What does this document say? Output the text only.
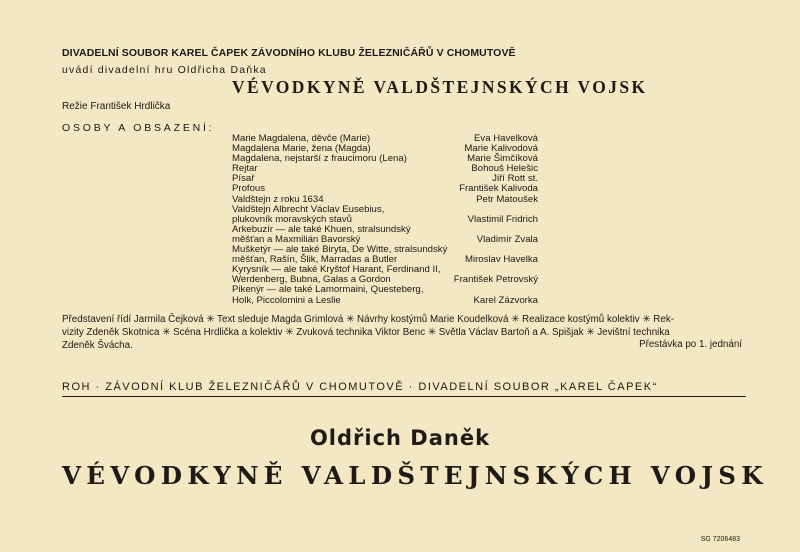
DIVADELNÍ SOUBOR KAREL ČAPEK ZÁVODNÍHO KLUBU ŽELEZNIČÁŘŮ V CHOMUTOVĚ
uvádí divadelní hru Oldřicha Daňka
VÉVODKYNĚ VALDŠTEJNSKÝCH VOJSK
Režie František Hrdlička
OSOBY A OBSAZENÍ:
Marie Magdalena, děvče (Marie)	Eva Havelková
Magdalena Marie, žena (Magda)	Marie Kalivodová
Magdalena, nejstarší z fraucimoru (Lena)	Marie Šimčíková
Rejtar	Bohouš Helešic
Písař	Jiří Rott st.
Profous	František Kalivoda
Valdštejn z roku 1634	Petr Matoušek
Valdštejn Albrecht Václav Eusebius,
plukovník moravských stavů	Vlastimil Fridrich
Arkebuzír — ale také Khuen, stralsundský
měšťan a Maxmilián Bavorský	Vladimír Zvala
Mušketýr — ale také Biryta, De Witte, stralsundský
měšťan, Rašín, Šlik, Marradas a Butler	Miroslav Havelka
Kyrysník — ale také Kryštof Harant, Ferdinand II,
Werdenberg, Bubna, Galas a Gordon	František Petrovský
Pikenýr — ale také Lamormaini, Questeberg,
Holk, Piccolomini a Leslie	Karel Zázvorka
Představení řídí Jarmila Čejková ✳ Text sleduje Magda Grimlová ✳ Návrhy kostýmů Marie Koudelková ✳ Realizace kostýmů kolektiv ✳ Rek-
vizity Zdeněk Skotnica ✳ Scéna Hrdlička a kolektiv ✳ Zvuková technika Viktor Benc ✳ Světla Václav Bartoň a A. Spišjak ✳ Jevištní technika
Zdeněk Švácha.	Přestávka po 1. jednání
ROH · ZÁVODNÍ KLUB ŽELEZNIČÁŘŮ V CHOMUTOVĚ · DIVADELNÍ SOUBOR „KAREL ČAPEK“
Oldřich Daněk
VÉVODKYNĚ VALDŠTEJNSKÝCH VOJSK
SG 7206483
